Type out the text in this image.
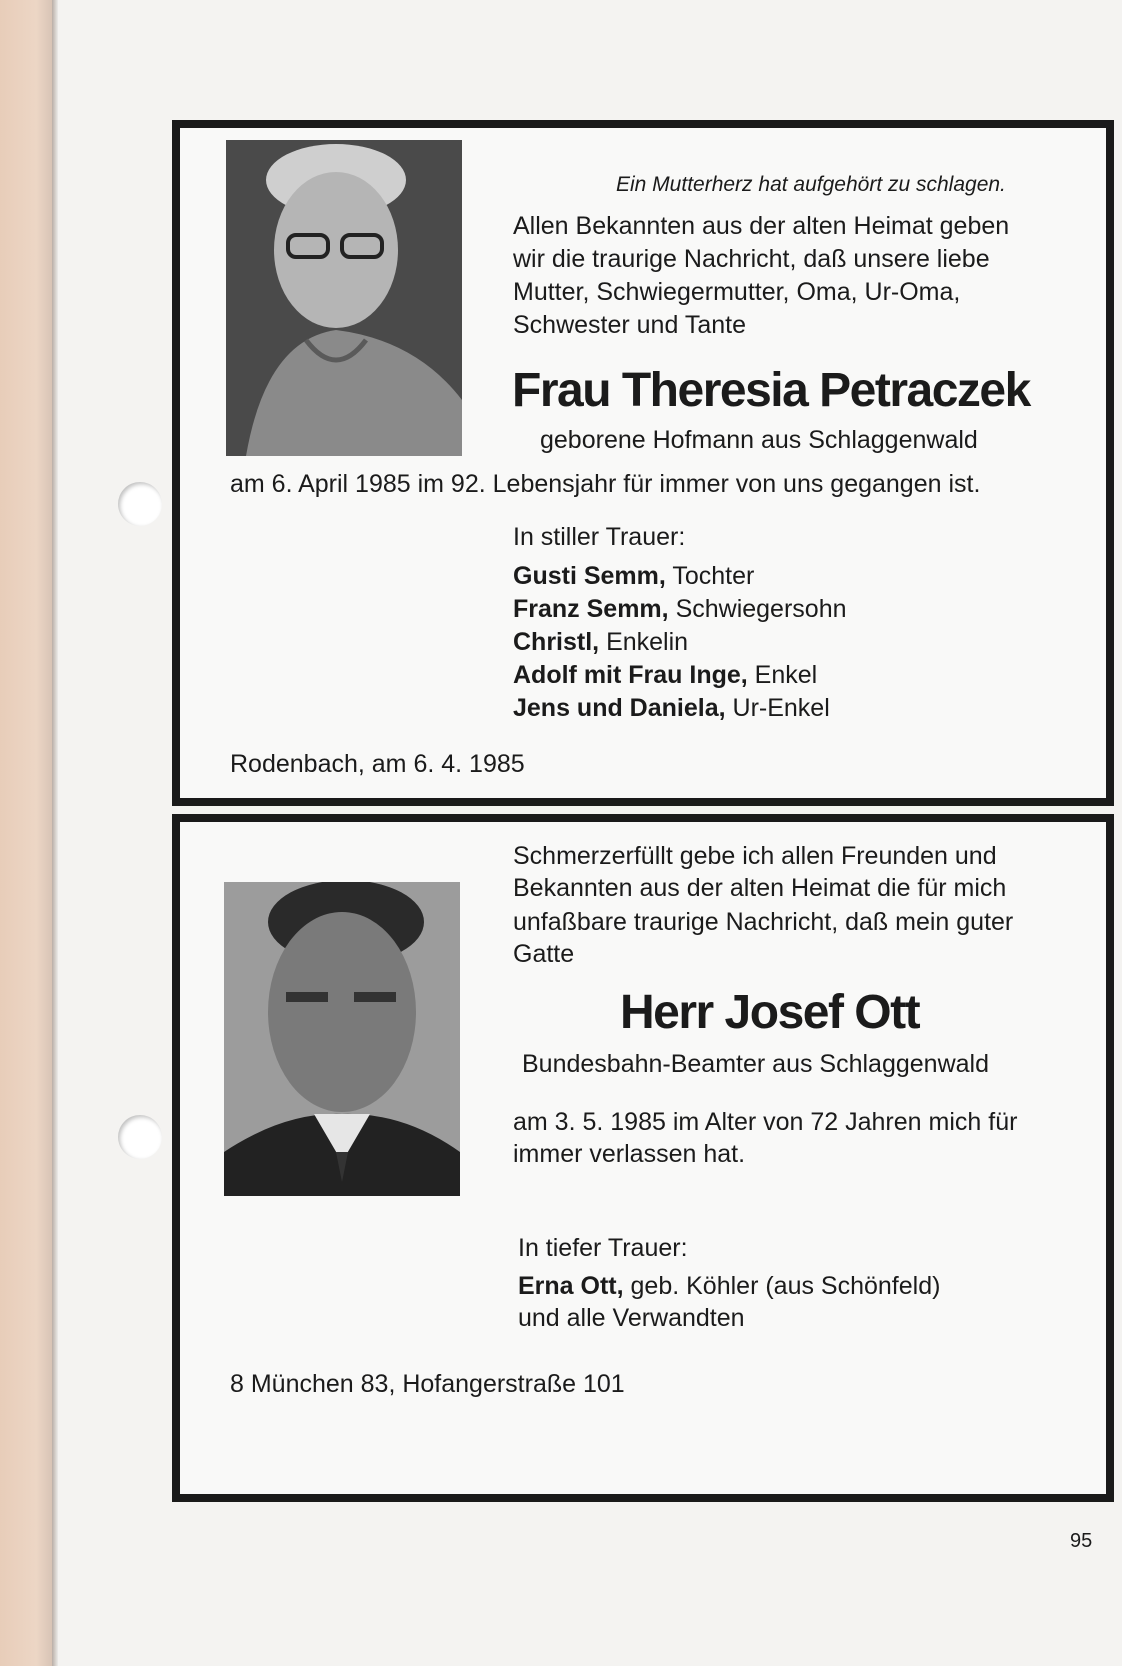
Ein Mutterherz hat aufgehört zu schlagen.
Allen Bekannten aus der alten Heimat geben
wir die traurige Nachricht, daß unsere liebe
Mutter, Schwiegermutter, Oma, Ur-Oma,
Schwester und Tante
Frau Theresia Petraczek
geborene Hofmann aus Schlaggenwald
am 6. April 1985 im 92. Lebensjahr für immer von uns gegangen ist.
In stiller Trauer:
Gusti Semm, Tochter
Franz Semm, Schwiegersohn
Christl, Enkelin
Adolf mit Frau Inge, Enkel
Jens und Daniela, Ur-Enkel
Rodenbach, am 6. 4. 1985
Schmerzerfüllt gebe ich allen Freunden und
Bekannten aus der alten Heimat die für mich
unfaßbare traurige Nachricht, daß mein guter
Gatte
Herr Josef Ott
Bundesbahn-Beamter aus Schlaggenwald
am 3. 5. 1985 im Alter von 72 Jahren mich für
immer verlassen hat.
In tiefer Trauer:
Erna Ott, geb. Köhler (aus Schönfeld)
und alle Verwandten
8 München 83, Hofangerstraße 101
95
